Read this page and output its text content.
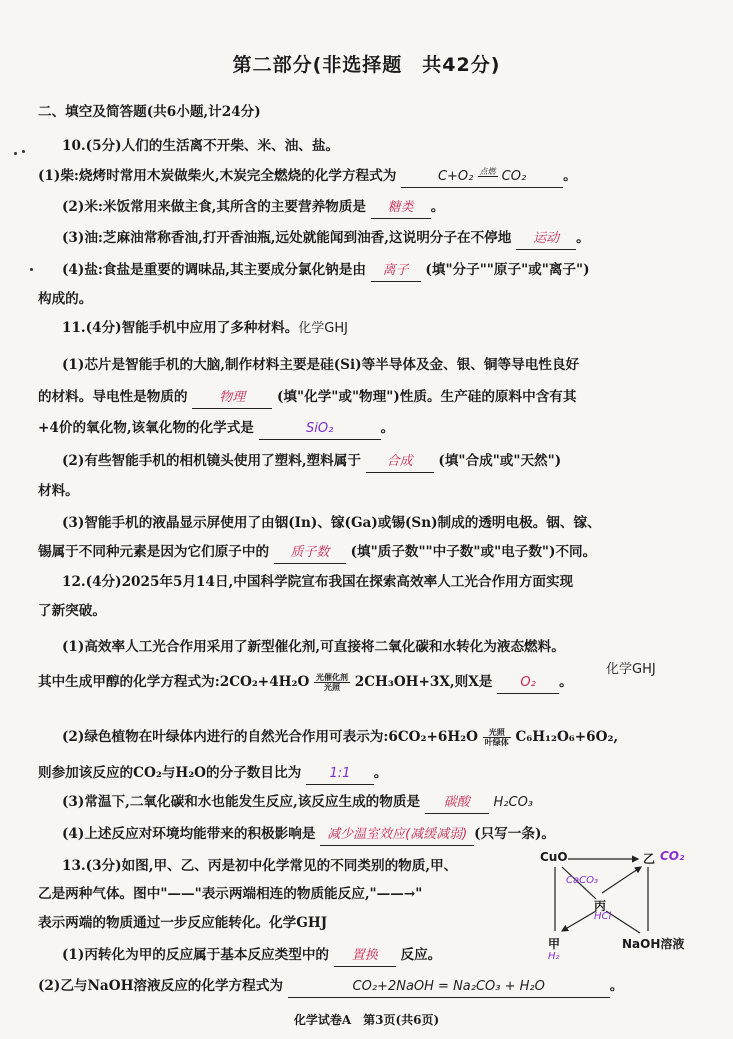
第二部分(非选择题　共42分)
二、填空及简答题(共6小题,计24分)
10.(5分)人们的生活离不开柴、米、油、盐。
(1)柴:烧烤时常用木炭做柴火,木炭完全燃烧的化学方程式为	C+O₂ 点燃
CO₂	。
(2)米:米饭常用来做主食,其所含的主要营养物质是 糖类 。
(3)油:芝麻油常称香油,打开香油瓶,远处就能闻到油香,这说明分子在不停地 运动 。
(4)盐:食盐是重要的调味品,其主要成分氯化钠是由 离子 (填"分子""原子"或"离子")
构成的。
11.(4分)智能手机中应用了多种材料。化学GHJ
(1)芯片是智能手机的大脑,制作材料主要是硅(Si)等半导体及金、银、铜等导电性良好
的材料。导电性是物质的 物理 (填"化学"或"物理")性质。生产硅的原料中含有其
+4价的氧化物,该氧化物的化学式是	SiO₂	。
(2)有些智能手机的相机镜头使用了塑料,塑料属于 合成 (填"合成"或"天然")
材料。
(3)智能手机的液晶显示屏使用了由铟(In)、镓(Ga)或锡(Sn)制成的透明电极。铟、镓、
锡属于不同种元素是因为它们原子中的 质子数 (填"质子数""中子数"或"电子数")不同。
12.(4分)2025年5月14日,中国科学院宣布我国在探索高效率人工光合作用方面实现
了新突破。
(1)高效率人工光合作用采用了新型催化剂,可直接将二氧化碳和水转化为液态燃料。
其中生成甲醇的化学方程式为:2CO₂+4H₂O $\frac{\text{光催化剂}}{\text{光照}} 2CH_3OH+3X$,则X是 O₂ 。
化学GHJ
(2)绿色植物在叶绿体内进行的自然光合作用可表示为:6CO₂+6H₂O $\frac{\text{光照}}{\text{叶绿体}} C_6H_{12}O_6+6O_2$,
则参加该反应的CO₂与H₂O的分子数目比为 1:1 。
(3)常温下,二氧化碳和水也能发生反应,该反应生成的物质是 碳酸 H₂CO₃
(4)上述反应对环境均能带来的积极影响是 减少温室效应(减缓减弱) (只写一条)。
13.(3分)如图,甲、乙、丙是初中化学常见的不同类别的物质,甲、
乙是两种气体。图中"——"表示两端相连的物质能反应,"——→"
表示两端的物质通过一步反应能转化。化学GHJ
(1)丙转化为甲的反应属于基本反应类型中的 置换 反应。
(2)乙与NaOH溶液反应的化学方程式为	CO₂+2NaOH = Na₂CO₃ + H₂O	。
CuO	乙 CO₂
CaCO₃
丙
HCl
甲
H₂
NaOH溶液
化学试卷A　第3页(共6页)
